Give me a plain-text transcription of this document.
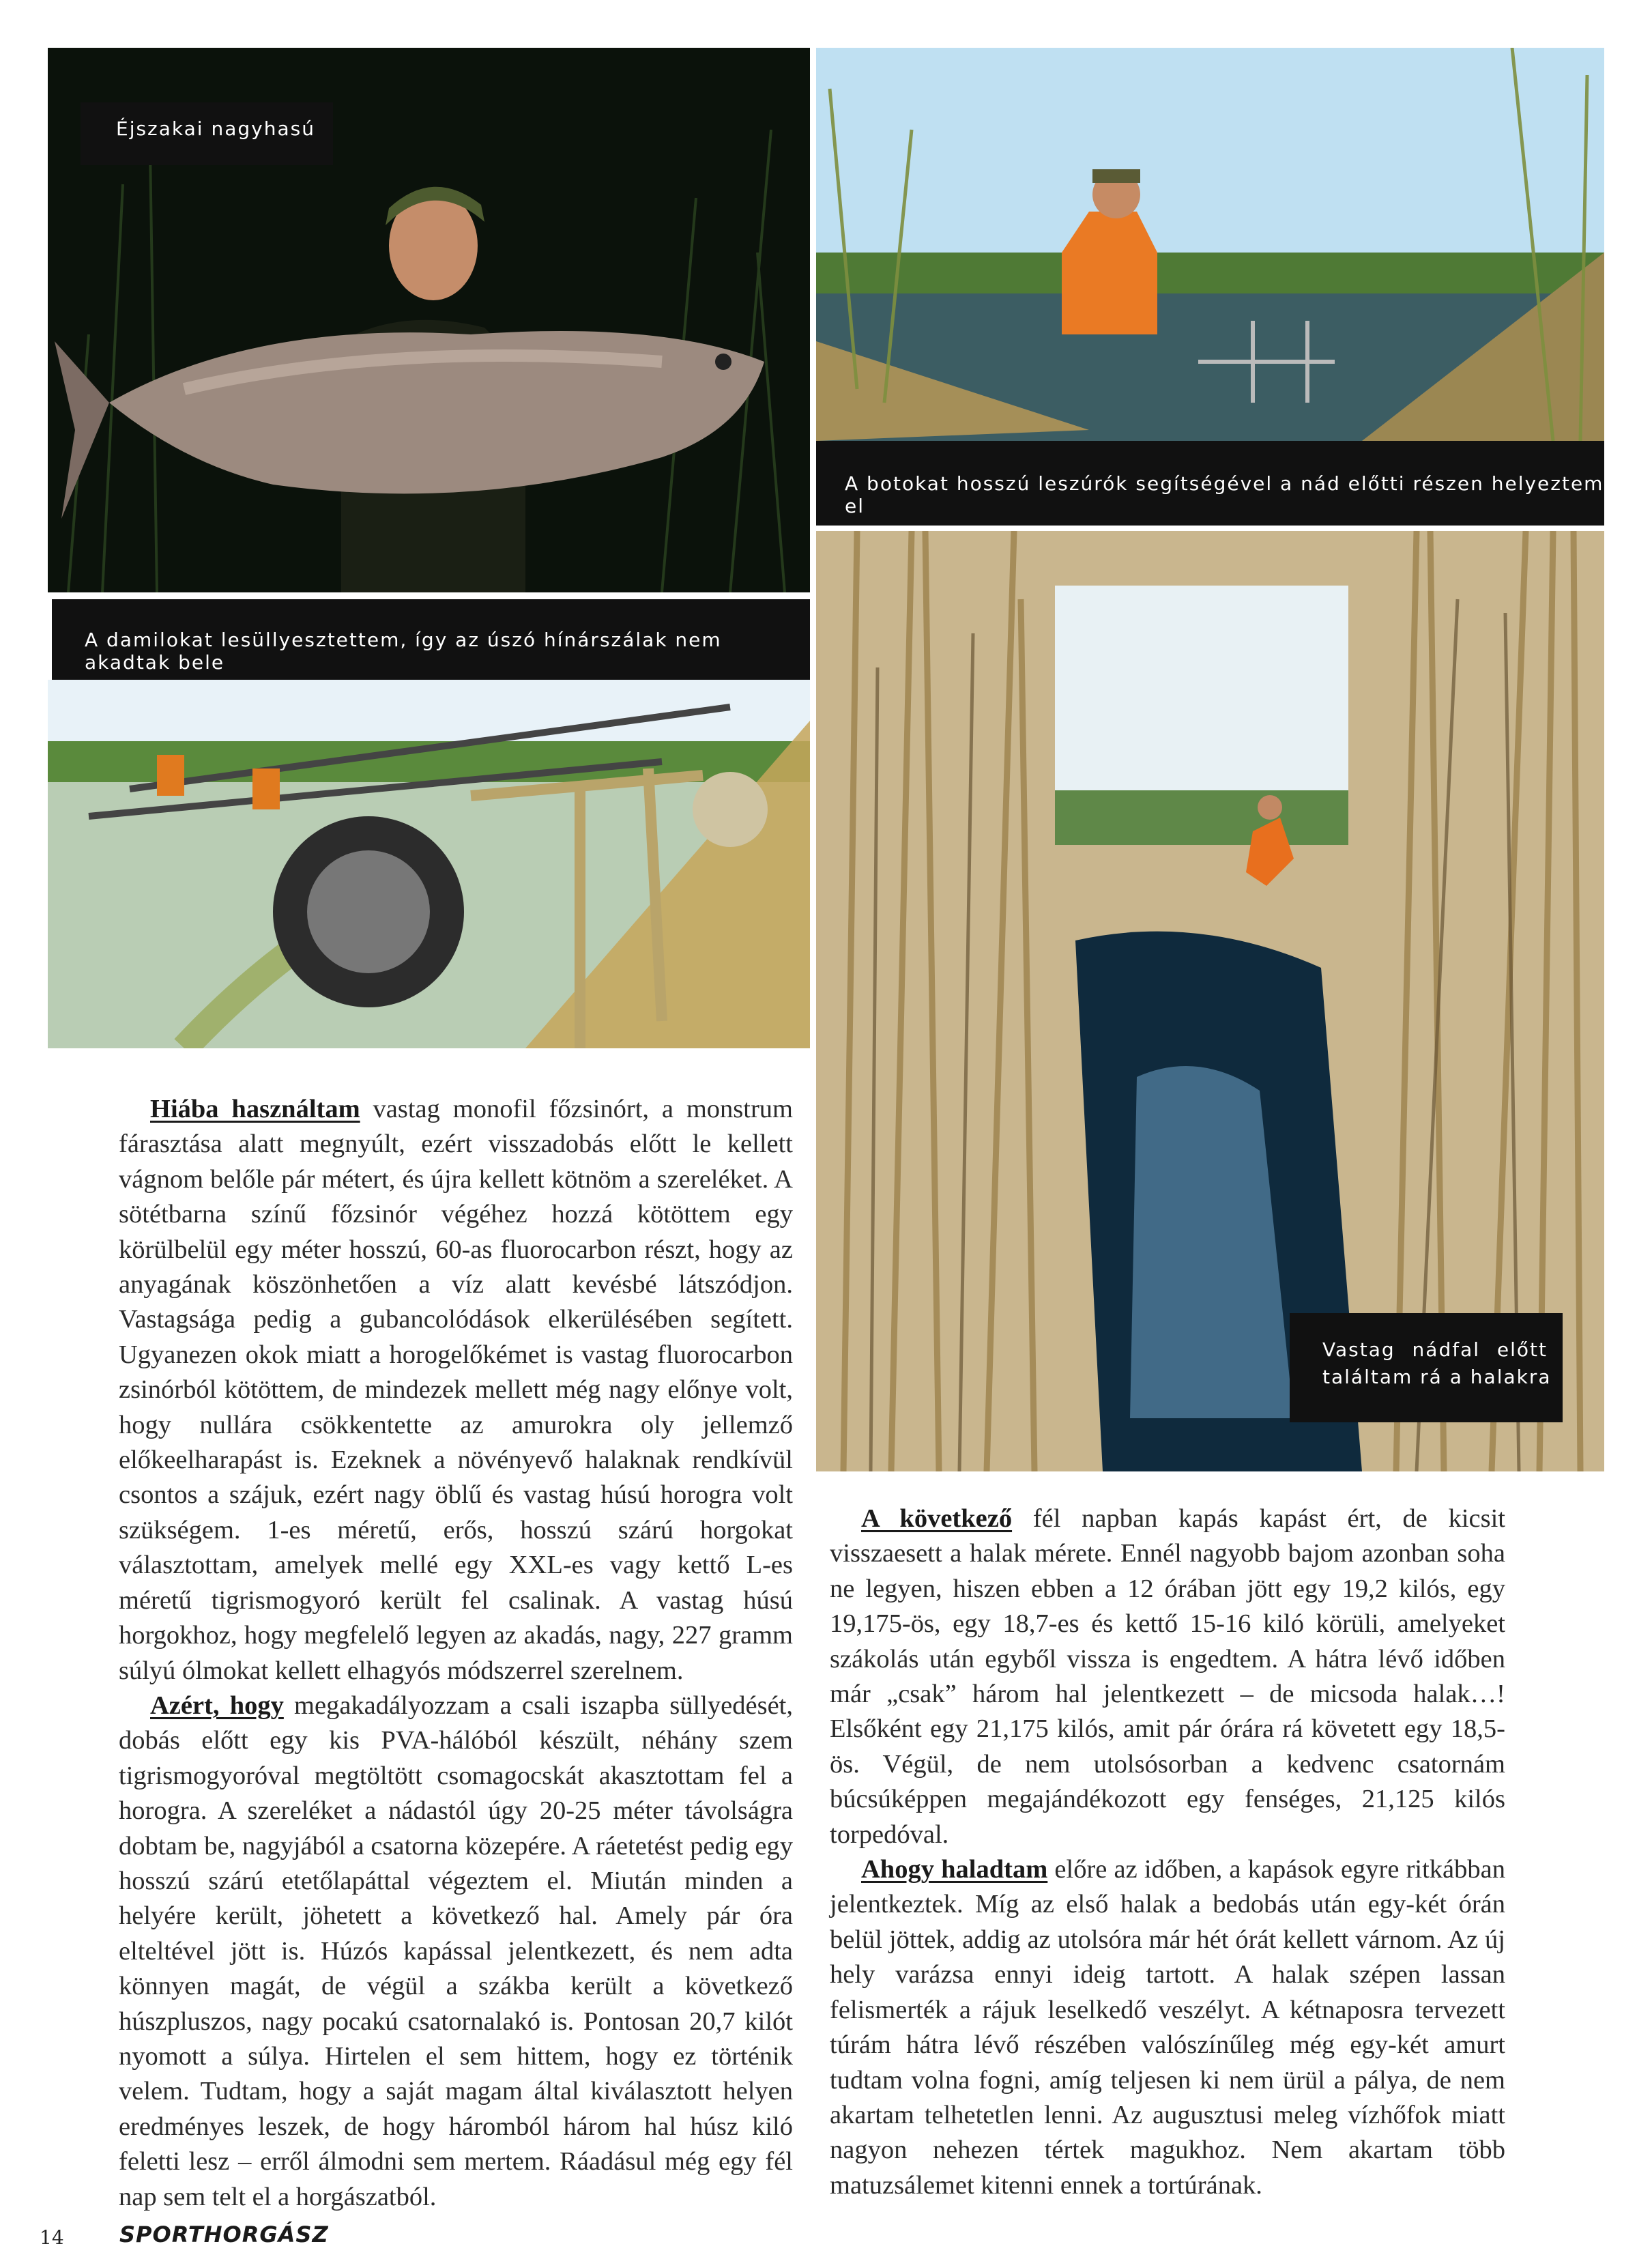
Éjszakai nagyhasú
A botokat hosszú leszúrók segítségével a nád előtti részen helyeztem el
A damilokat lesüllyesztettem, így az úszó hínárszálak nem akadtak bele
Vastag nádfal előtt
találtam rá a halakra

Hiába használtam vastag monofil főzsinórt, a monstrum fárasztása alatt megnyúlt, ezért visszadobás előtt le kellett vágnom belőle pár métert, és újra kellett kötnöm a szereléket. A sötétbarna színű főzsinór végéhez hozzá kötöttem egy körülbelül egy méter hosszú, 60-as fluorocarbon részt, hogy az anyagának köszönhetően a víz alatt kevésbé látszódjon. Vastagsága pedig a gubancolódások elkerülésében segített. Ugyanezen okok miatt a horogelőkémet is vastag fluorocarbon zsinórból kötöttem, de mindezek mellett még nagy előnye volt, hogy nullára csökkentette az amurokra oly jellemző előkeelharapást is. Ezeknek a növényevő halaknak rendkívül csontos a szájuk, ezért nagy öblű és vastag húsú horogra volt szükségem. 1-es méretű, erős, hosszú szárú horgokat választottam, amelyek mellé egy XXL-es vagy kettő L-es méretű tigrismogyoró került fel csalinak. A vastag húsú horgokhoz, hogy megfelelő legyen az akadás, nagy, 227 gramm súlyú ólmokat kellett elhagyós módszerrel szerelnem.

Azért, hogy megakadályozzam a csali iszapba süllyedését, dobás előtt egy kis PVA-hálóból készült, néhány szem tigrismogyoróval megtöltött csomagocskát akasztottam fel a horogra. A szereléket a nádastól úgy 20-25 méter távolságra dobtam be, nagyjából a csatorna közepére. A ráetetést pedig egy hosszú szárú etetőlapáttal végeztem el. Miután minden a helyére került, jöhetett a következő hal. Amely pár óra elteltével jött is. Húzós kapással jelentkezett, és nem adta könnyen magát, de végül a szákba került a következő húszpluszos, nagy pocakú csatornalakó is. Pontosan 20,7 kilót nyomott a súlya. Hirtelen el sem hittem, hogy ez történik velem. Tudtam, hogy a saját magam által kiválasztott helyen eredményes leszek, de hogy háromból három hal húsz kiló feletti lesz – erről álmodni sem mertem. Ráadásul még egy fél nap sem telt el a horgászatból.

A következő fél napban kapás kapást ért, de kicsit visszaesett a halak mérete. Ennél nagyobb bajom azonban soha ne legyen, hiszen ebben a 12 órában jött egy 19,2 kilós, egy 19,175-ös, egy 18,7-es és kettő 15-16 kiló körüli, amelyeket szákolás után egyből vissza is engedtem. A hátra lévő időben már „csak” három hal jelentkezett – de micsoda halak…! Elsőként egy 21,175 kilós, amit pár órára rá követett egy 18,5-ös. Végül, de nem utolsósorban a kedvenc csatornám búcsúképpen megajándékozott egy fenséges, 21,125 kilós torpedóval.

Ahogy haladtam előre az időben, a kapások egyre ritkábban jelentkeztek. Míg az első halak a bedobás után egy-két órán belül jöttek, addig az utolsóra már hét órát kellett várnom. Az új hely varázsa ennyi ideig tartott. A halak szépen lassan felismerték a rájuk leselkedő veszélyt. A kétnaposra tervezett túrám hátra lévő részében valószínűleg még egy-két amurt tudtam volna fogni, amíg teljesen ki nem ürül a pálya, de nem akartam telhetetlen lenni. Az augusztusi meleg vízhőfok miatt nagyon nehezen tértek magukhoz. Nem akartam több matuzsálemet kitenni ennek a tortúrának.

14	SPORTHORGÁSZ
